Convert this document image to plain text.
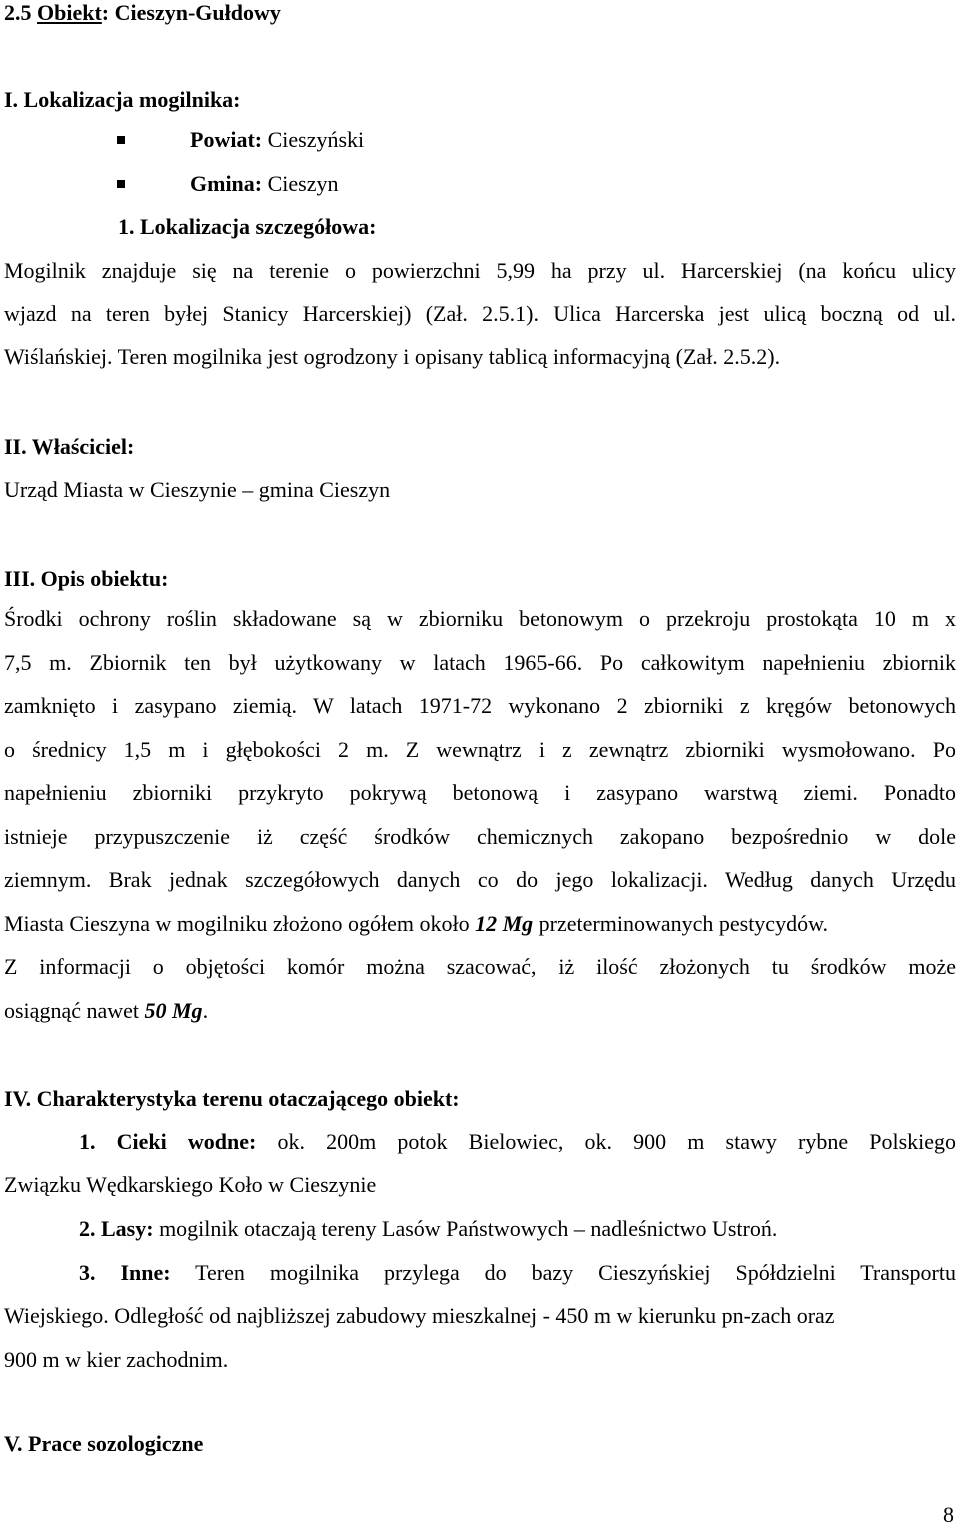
2.5 Obiekt: Cieszyn-Gułdowy
I. Lokalizacja mogilnika:
Powiat: Cieszyński
Gmina: Cieszyn
1. Lokalizacja szczegółowa:
Mogilnik znajduje się na terenie o powierzchni 5,99 ha przy ul. Harcerskiej (na końcu ulicy
wjazd na teren byłej Stanicy Harcerskiej) (Zał. 2.5.1). Ulica Harcerska jest ulicą boczną od ul.
Wiślańskiej. Teren mogilnika jest ogrodzony i opisany tablicą informacyjną (Zał. 2.5.2).
II. Właściciel:
Urząd Miasta w Cieszynie – gmina Cieszyn
III. Opis obiektu:
Środki ochrony roślin składowane są w zbiorniku betonowym o przekroju prostokąta 10 m x
7,5 m. Zbiornik ten był użytkowany w latach 1965-66. Po całkowitym napełnieniu zbiornik
zamknięto i zasypano ziemią. W latach 1971-72 wykonano 2 zbiorniki z kręgów betonowych
o średnicy 1,5 m i głębokości 2 m. Z wewnątrz i z zewnątrz zbiorniki wysmołowano. Po
napełnieniu zbiorniki przykryto pokrywą betonową i zasypano warstwą ziemi. Ponadto
istnieje przypuszczenie iż część środków chemicznych zakopano bezpośrednio w dole
ziemnym. Brak jednak szczegółowych danych co do jego lokalizacji. Według danych Urzędu
Miasta Cieszyna w mogilniku złożono ogółem około 12 Mg przeterminowanych pestycydów.
Z informacji o objętości komór można szacować, iż ilość złożonych tu środków może
osiągnąć nawet 50 Mg.
IV. Charakterystyka terenu otaczającego obiekt:
1. Cieki wodne: ok. 200m potok Bielowiec, ok. 900 m stawy rybne Polskiego
Związku Wędkarskiego Koło w Cieszynie
2. Lasy: mogilnik otaczają tereny Lasów Państwowych – nadleśnictwo Ustroń.
3. Inne: Teren mogilnika przylega do bazy Cieszyńskiej Spółdzielni Transportu
Wiejskiego. Odległość od najbliższej zabudowy mieszkalnej - 450 m w kierunku pn-zach oraz
900 m w kier zachodnim.
V. Prace sozologiczne
8
